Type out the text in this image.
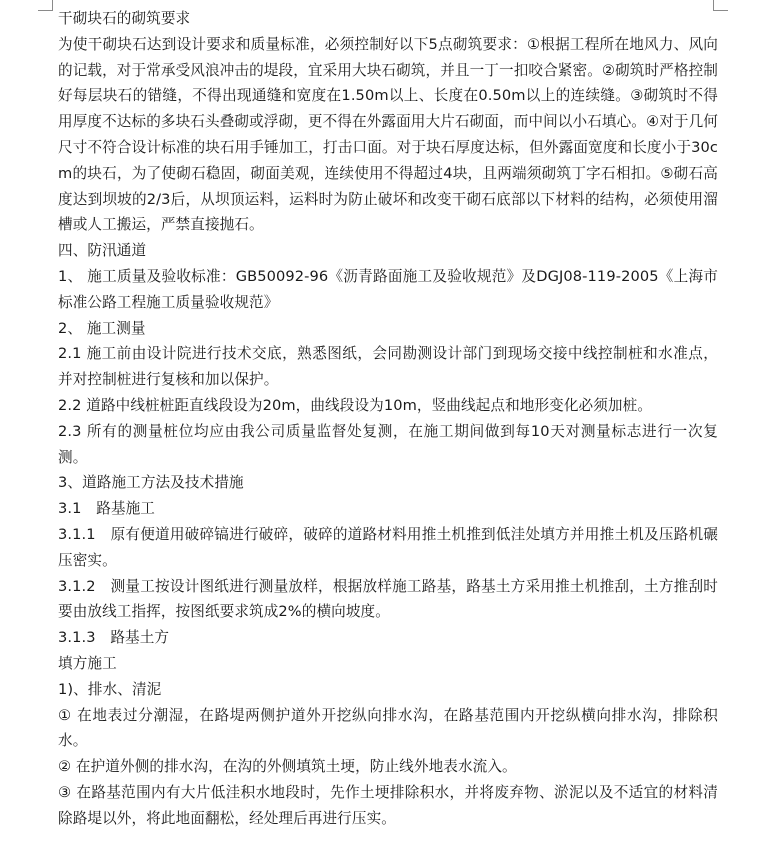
干砌块石的砌筑要求

为使干砌块石达到设计要求和质量标准，必须控制好以下5点砌筑要求：①根据工程所在地风力、风向的记载，对于常承受风浪冲击的堤段，宜采用大块石砌筑，并且一丁一扣咬合紧密。②砌筑时严格控制好每层块石的错缝，不得出现通缝和宽度在1.50m以上、长度在0.50m以上的连续缝。③砌筑时不得用厚度不达标的多块石头叠砌或浮砌，更不得在外露面用大片石砌面，而中间以小石填心。④对于几何尺寸不符合设计标准的块石用手锤加工，打击口面。对于块石厚度达标，但外露面宽度和长度小于30cm的块石，为了使砌石稳固，砌面美观，连续使用不得超过4块，且两端须砌筑丁字石相扣。⑤砌石高度达到坝坡的2/3后，从坝顶运料，运料时为防止破坏和改变干砌石底部以下材料的结构，必须使用溜槽或人工搬运，严禁直接抛石。

四、防汛通道

1、 施工质量及验收标准：GB50092-96《沥青路面施工及验收规范》及DGJ08-119-2005《上海市标准公路工程施工质量验收规范》

2、 施工测量

2.1 施工前由设计院进行技术交底，熟悉图纸，会同勘测设计部门到现场交接中线控制桩和水准点，并对控制桩进行复核和加以保护。

2.2 道路中线桩桩距直线段设为20m，曲线段设为10m，竖曲线起点和地形变化必须加桩。

2.3 所有的测量桩位均应由我公司质量监督处复测，在施工期间做到每10天对测量标志进行一次复测。

3、道路施工方法及技术措施

3.1　路基施工

3.1.1　原有便道用破碎镐进行破碎，破碎的道路材料用推土机推到低洼处填方并用推土机及压路机碾压密实。

3.1.2　测量工按设计图纸进行测量放样，根据放样施工路基，路基土方采用推土机推刮，土方推刮时要由放线工指挥，按图纸要求筑成2%的横向坡度。

3.1.3　路基土方

填方施工

1)、排水、清泥

① 在地表过分潮湿，在路堤两侧护道外开挖纵向排水沟，在路基范围内开挖纵横向排水沟，排除积水。

② 在护道外侧的排水沟，在沟的外侧填筑土埂，防止线外地表水流入。

③ 在路基范围内有大片低洼积水地段时，先作土埂排除积水，并将废弃物、淤泥以及不适宜的材料清除路堤以外，将此地面翻松，经处理后再进行压实。
